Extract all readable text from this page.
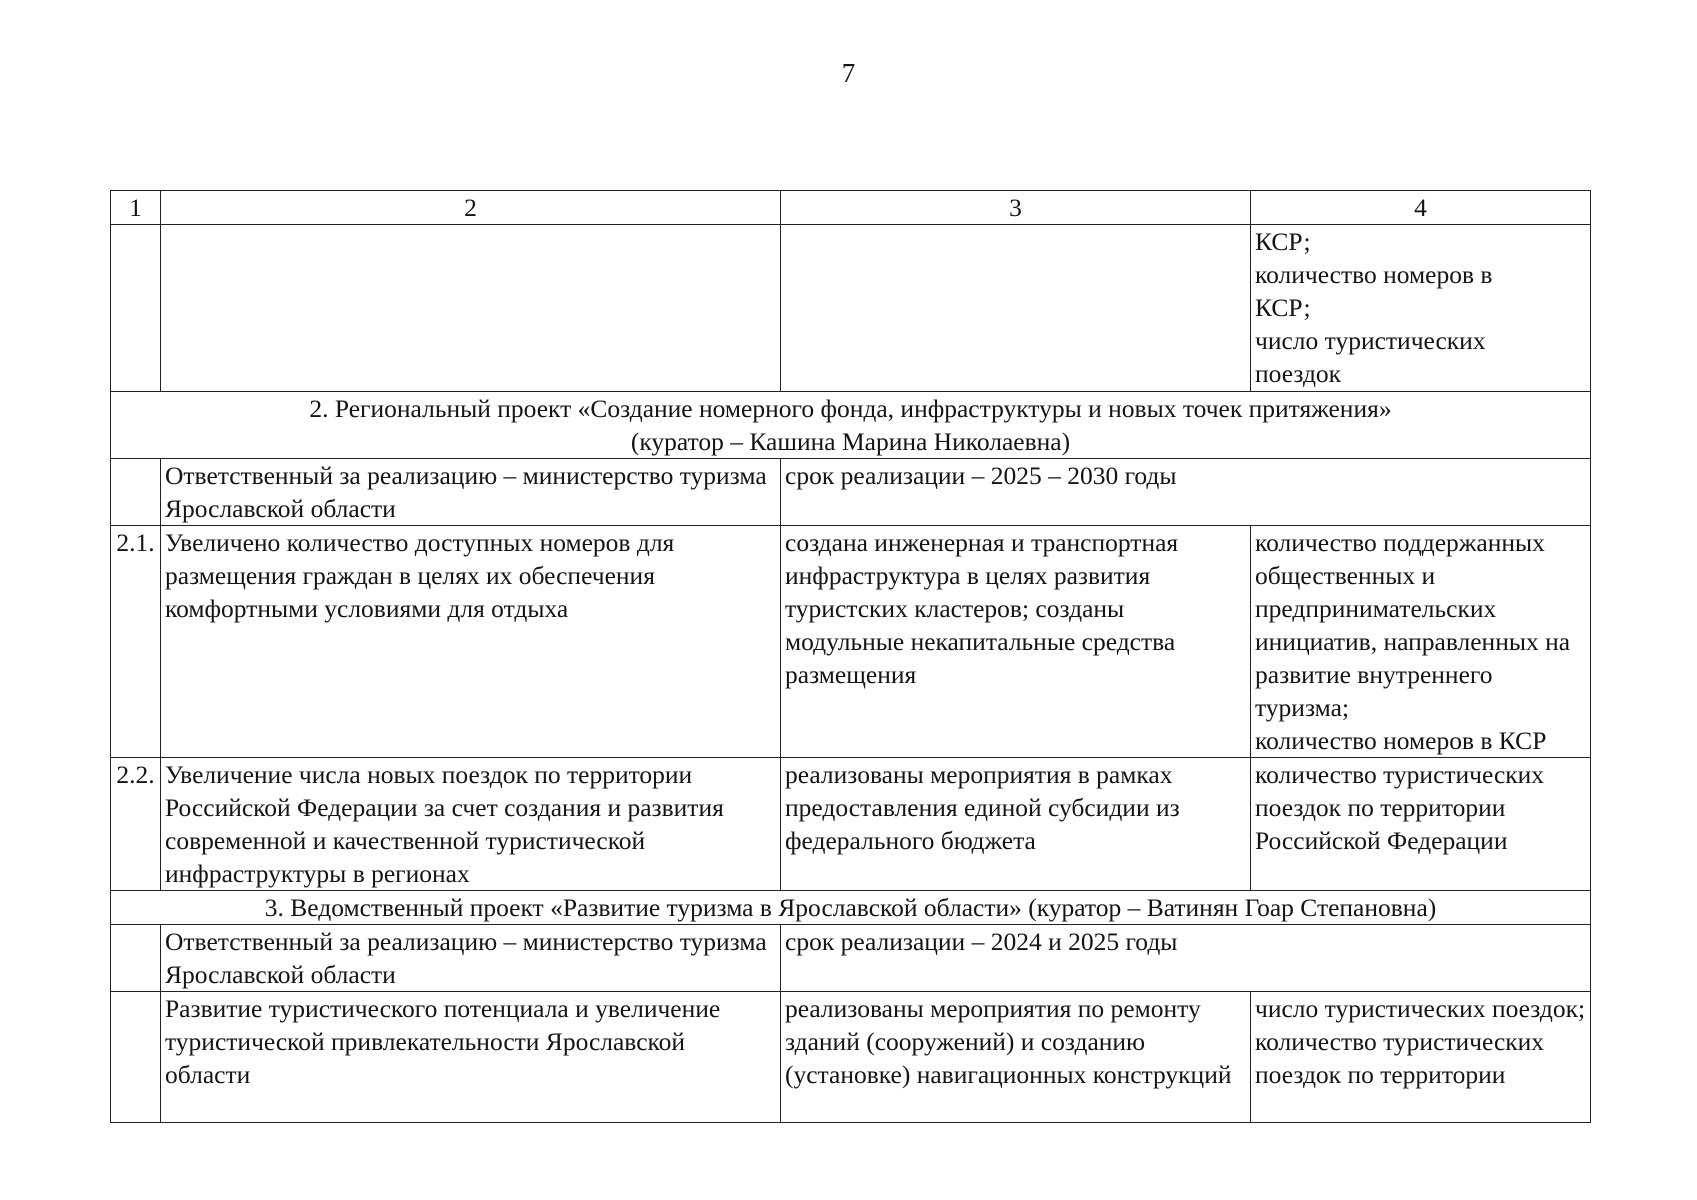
7
1	2	3	4

			КСР;
количество номеров в
КСР;
число туристических
поездок

2. Региональный проект «Создание номерного фонда, инфраструктуры и новых точек притяжения»
(куратор – Кашина Марина Николаевна)			

	Ответственный за реализацию – министерство туризма Ярославской области	срок реализации – 2025 – 2030 годы	
2.1.	Увеличено количество доступных номеров для размещения граждан в целях их обеспечения комфортными условиями для отдыха	создана инженерная и транспортная инфраструктура в целях развития туристских кластеров; созданы модульные некапитальные средства размещения	количество поддержанных общественных и предпринимательских инициатив, направленных на развитие внутреннего туризма;
количество номеров в КСР

2.2.	Увеличение числа новых поездок по территории Российской Федерации за счет создания и развития современной и качественной туристической инфраструктуры в регионах	реализованы мероприятия в рамках предоставления единой субсидии из федерального бюджета	количество туристических поездок по территории Российской Федерации

3. Ведомственный проект «Развитие туризма в Ярославской области» (куратор – Ватинян Гоар Степановна)			
	Ответственный за реализацию – министерство туризма Ярославской области	срок реализации – 2024 и 2025 годы	
	Развитие туристического потенциала и увеличение туристической привлекательности Ярославской области	реализованы мероприятия по ремонту зданий (сооружений) и созданию (установке) навигационных конструкций	число туристических поездок;
количество туристических поездок по территории
